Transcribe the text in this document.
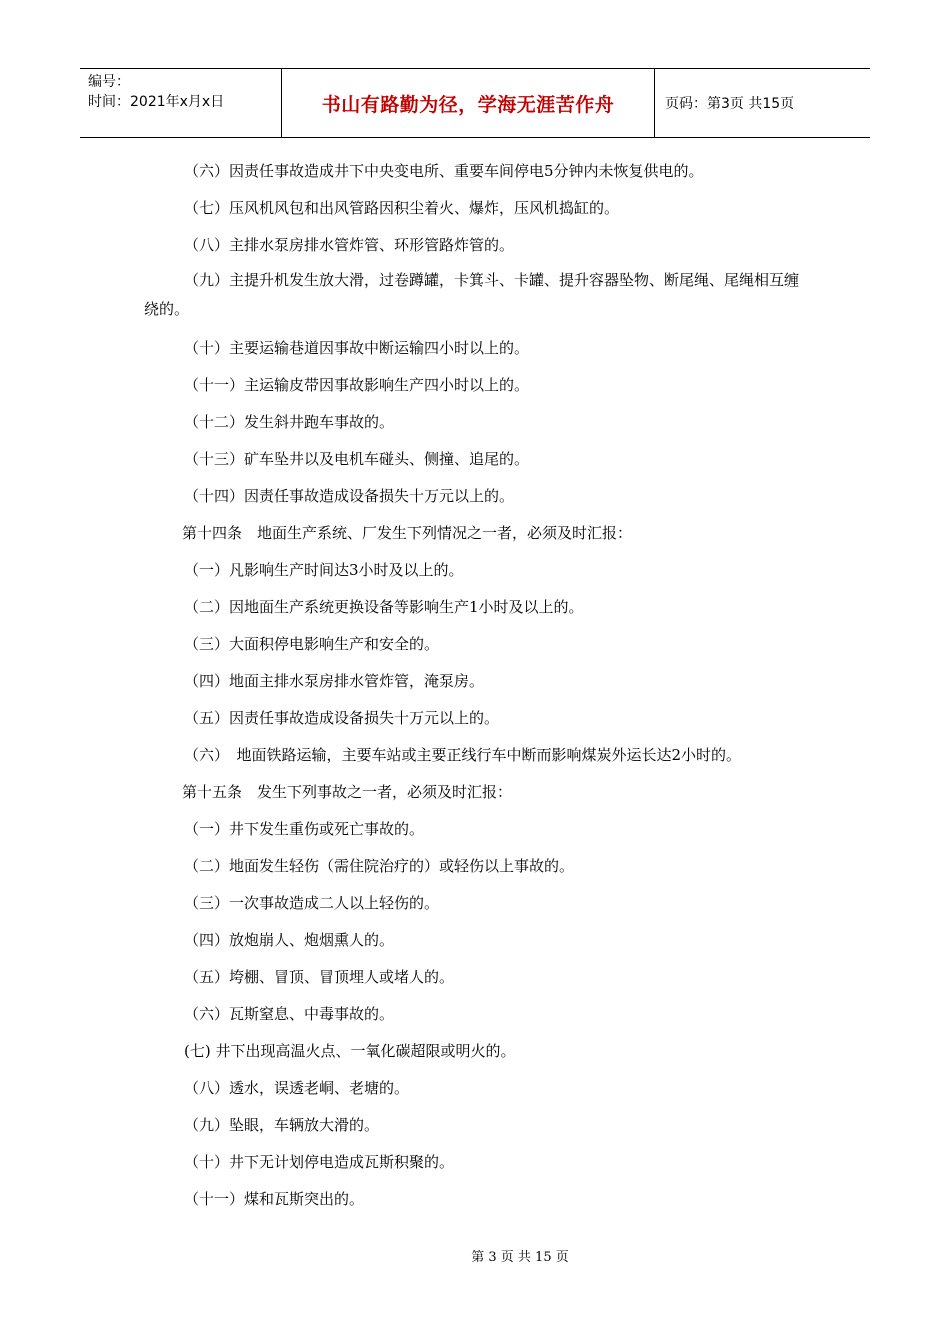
编号：
时间：2021年x月x日	书山有路勤为径，学海无涯苦作舟	页码：第3页 共15页

（六）因责任事故造成井下中央变电所、重要车间停电5分钟内未恢复供电的。

（七）压风机风包和出风管路因积尘着火、爆炸，压风机捣缸的。

（八）主排水泵房排水管炸管、环形管路炸管的。

（九）主提升机发生放大滑，过卷蹲罐，卡箕斗、卡罐、提升容器坠物、断尾绳、尾绳相互缠绕的。

（十）主要运输巷道因事故中断运输四小时以上的。

（十一）主运输皮带因事故影响生产四小时以上的。

（十二）发生斜井跑车事故的。

（十三）矿车坠井以及电机车碰头、侧撞、追尾的。

（十四）因责任事故造成设备损失十万元以上的。

第十四条　地面生产系统、厂发生下列情况之一者，必须及时汇报：

（一）凡影响生产时间达3小时及以上的。

（二）因地面生产系统更换设备等影响生产1小时及以上的。

（三）大面积停电影响生产和安全的。

（四）地面主排水泵房排水管炸管，淹泵房。

（五）因责任事故造成设备损失十万元以上的。

（六）　地面铁路运输，主要车站或主要正线行车中断而影响煤炭外运长达2小时的。

第十五条　发生下列事故之一者，必须及时汇报：

（一）井下发生重伤或死亡事故的。

（二）地面发生轻伤（需住院治疗的）或轻伤以上事故的。

（三）一次事故造成二人以上轻伤的。

（四）放炮崩人、炮烟熏人的。

（五）垮棚、冒顶、冒顶埋人或堵人的。

（六）瓦斯窒息、中毒事故的。

(七) 井下出现高温火点、一氧化碳超限或明火的。

（八）透水，误透老峒、老塘的。

（九）坠眼，车辆放大滑的。

（十）井下无计划停电造成瓦斯积聚的。

（十一）煤和瓦斯突出的。

第 3 页 共 15 页
